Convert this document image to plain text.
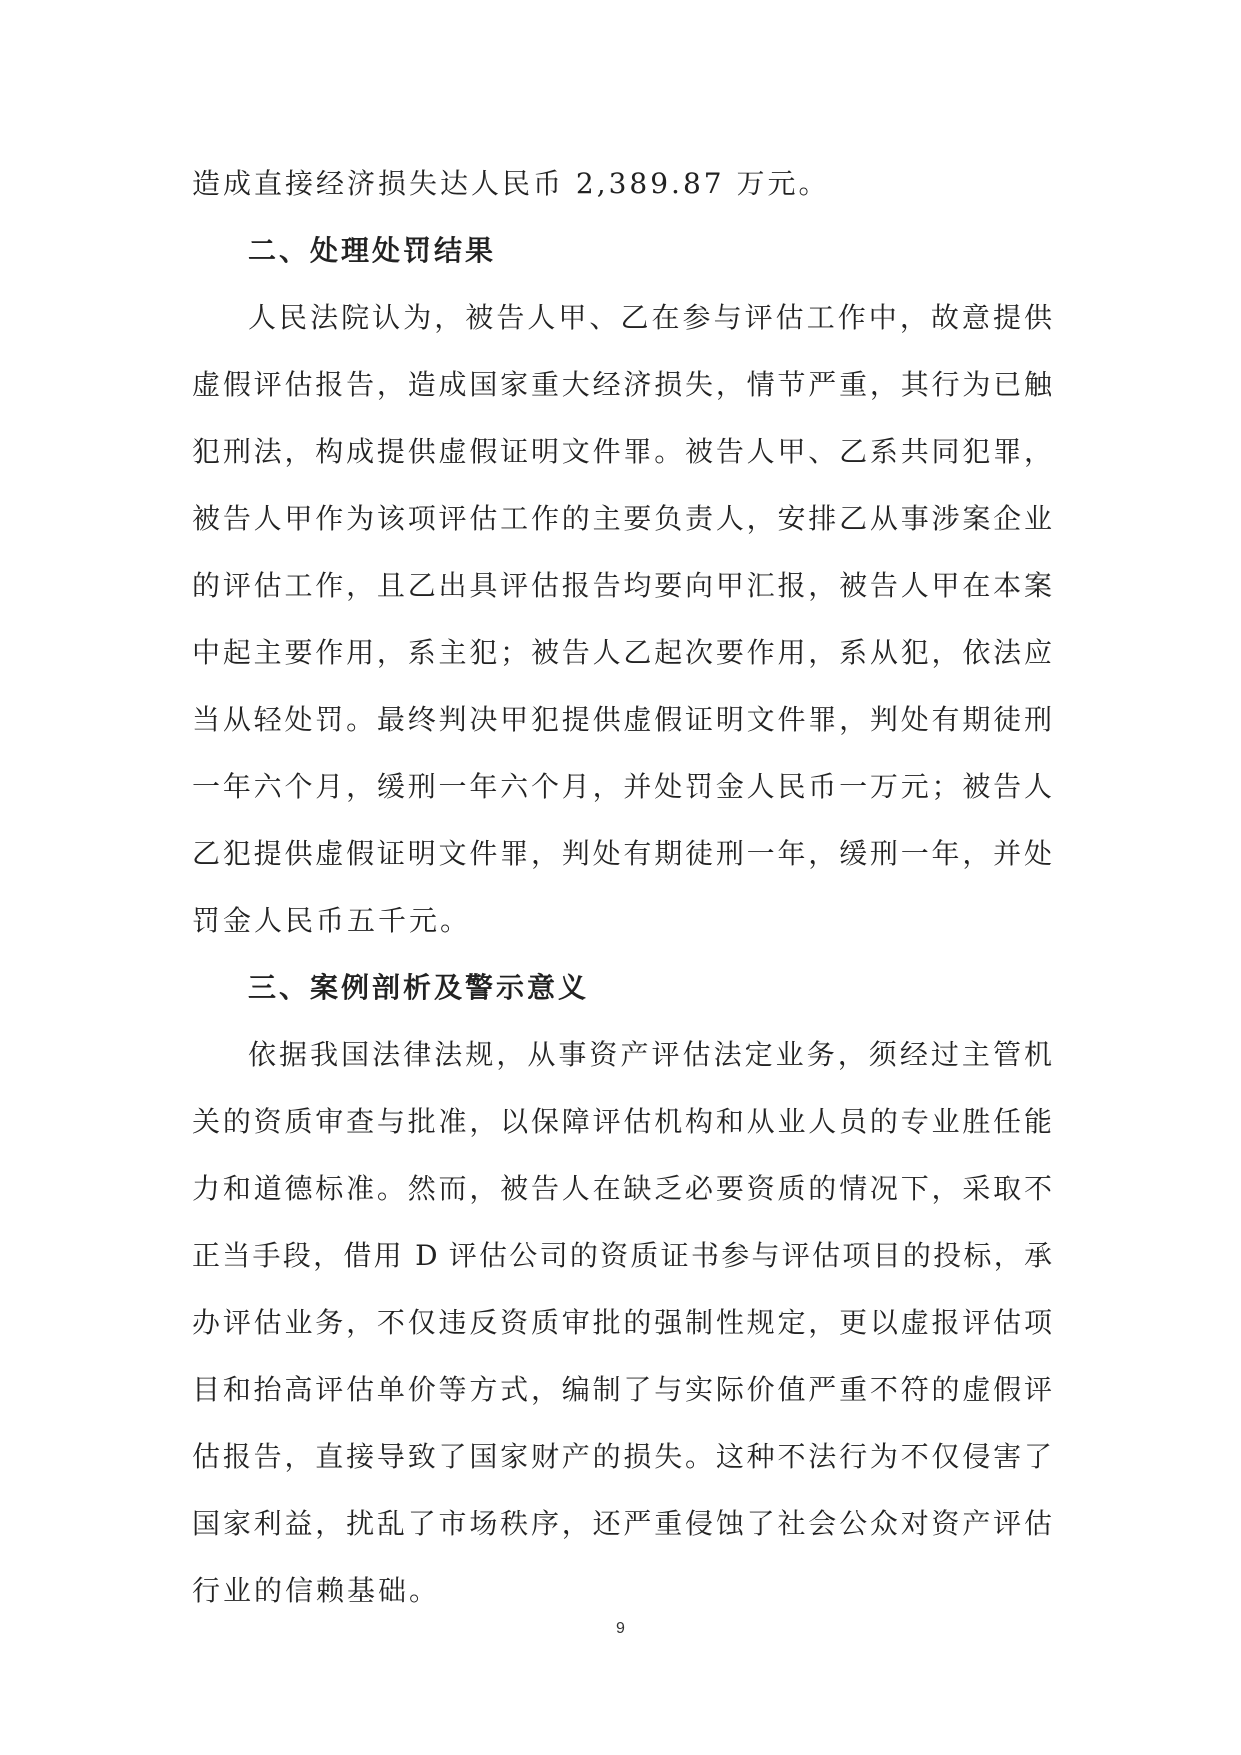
造成直接经济损失达人民币 2,389.87 万元。
二、处理处罚结果
人民法院认为，被告人甲、乙在参与评估工作中，故意提供
虚假评估报告，造成国家重大经济损失，情节严重，其行为已触
犯刑法，构成提供虚假证明文件罪。被告人甲、乙系共同犯罪，
被告人甲作为该项评估工作的主要负责人，安排乙从事涉案企业
的评估工作，且乙出具评估报告均要向甲汇报，被告人甲在本案
中起主要作用，系主犯；被告人乙起次要作用，系从犯，依法应
当从轻处罚。最终判决甲犯提供虚假证明文件罪，判处有期徒刑
一年六个月，缓刑一年六个月，并处罚金人民币一万元；被告人
乙犯提供虚假证明文件罪，判处有期徒刑一年，缓刑一年，并处
罚金人民币五千元。
三、案例剖析及警示意义
依据我国法律法规，从事资产评估法定业务，须经过主管机
关的资质审查与批准，以保障评估机构和从业人员的专业胜任能
力和道德标准。然而，被告人在缺乏必要资质的情况下，采取不
正当手段，借用 D 评估公司的资质证书参与评估项目的投标，承
办评估业务，不仅违反资质审批的强制性规定，更以虚报评估项
目和抬高评估单价等方式，编制了与实际价值严重不符的虚假评
估报告，直接导致了国家财产的损失。这种不法行为不仅侵害了
国家利益，扰乱了市场秩序，还严重侵蚀了社会公众对资产评估
行业的信赖基础。
9
